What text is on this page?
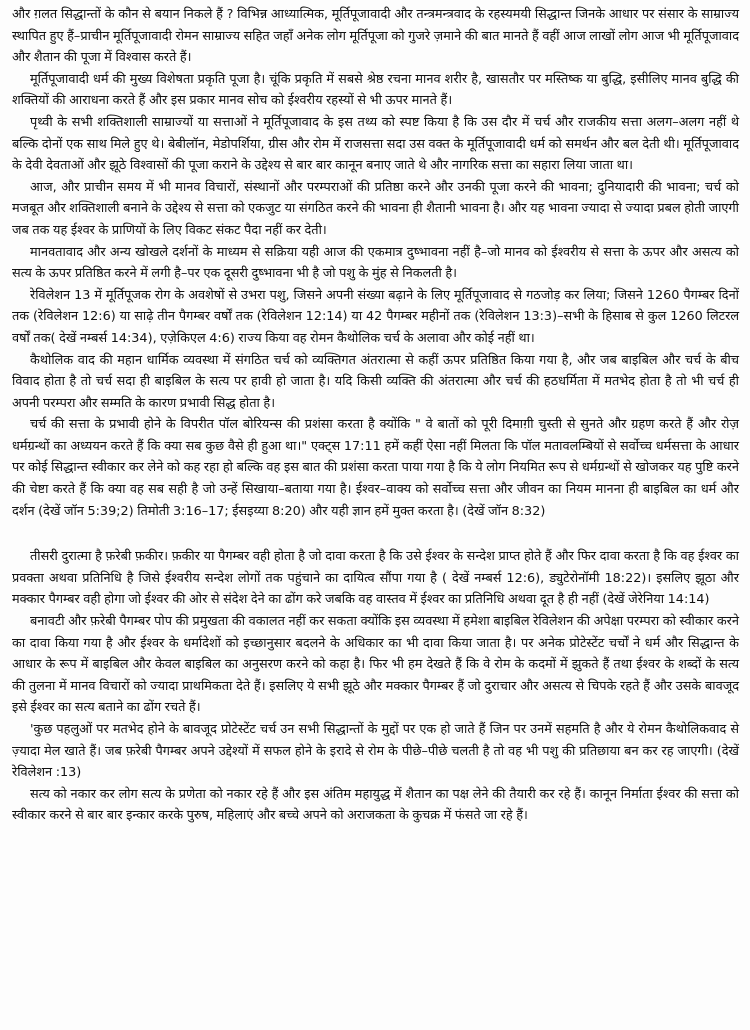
और ग़लत सिद्धान्तों के कौन से बयान निकले हैं ? विभिन्न आध्यात्मिक, मूर्तिपूजावादी और तन्त्रमन्त्रवाद के रहस्यमयी सिद्धान्त जिनके आधार पर संसार के साम्राज्य स्थापित हुए हैं–प्राचीन मूर्तिपूजावादी रोमन साम्राज्य सहित जहाँ अनेक लोग मूर्तिपूजा को गुजरे ज़माने की बात मानते हैं वहीं आज लाखों लोग आज भी मूर्तिपूजावाद और शैतान की पूजा में विश्वास करते हैं।

मूर्तिपूजावादी धर्म की मुख्य विशेषता प्रकृति पूजा है। चूंकि प्रकृति में सबसे श्रेष्ठ रचना मानव शरीर है, खासतौर पर मस्तिष्क या बुद्धि, इसीलिए मानव बुद्धि की शक्तियों की आराधना करते हैं और इस प्रकार मानव सोच को ईश्वरीय रहस्यों से भी ऊपर मानते हैं।

पृथ्वी के सभी शक्तिशाली साम्राज्यों या सत्ताओं ने मूर्तिपूजावाद के इस तथ्य को स्पष्ट किया है कि उस दौर में चर्च और राजकीय सत्ता अलग–अलग नहीं थे बल्कि दोनों एक साथ मिले हुए थे। बेबीलॉन, मेडोपर्शिया, ग्रीस और रोम में राजसत्ता सदा उस वक्त के मूर्तिपूजावादी धर्म को समर्थन और बल देती थी। मूर्तिपूजावाद के देवी देवताओं और झूठे विश्वासों की पूजा कराने के उद्देश्य से बार बार कानून बनाए जाते थे और नागरिक सत्ता का सहारा लिया जाता था।

आज, और प्राचीन समय में भी मानव विचारों, संस्थानों और परम्पराओं की प्रतिष्ठा करने और उनकी पूजा करने की भावना; दुनियादारी की भावना; चर्च को मजबूत और शक्तिशाली बनाने के उद्देश्य से सत्ता को एकजुट या संगठित करने की भावना ही शैतानी भावना है। और यह भावना ज्यादा से ज्यादा प्रबल होती जाएगी जब तक यह ईश्वर के प्राणियों के लिए विकट संकट पैदा नहीं कर देती।

मानवतावाद और अन्य खोखले दर्शनों के माध्यम से सक्रिया यही आज की एकमात्र दुष्भावना नहीं है–जो मानव को ईश्वरीय से सत्ता के ऊपर और असत्य को सत्य के ऊपर प्रतिष्ठित करने में लगी है–पर एक दूसरी दुष्भावना भी है जो पशु के मुंह से निकलती है।

रेविलेशन 13 में मूर्तिपूजक रोग के अवशेषों से उभरा पशु, जिसने अपनी संख्या बढ़ाने के लिए मूर्तिपूजावाद से गठजोड़ कर लिया; जिसने 1260 पैगम्बर दिनों तक (रेविलेशन 12:6) या साढ़े तीन पैगम्बर वर्षों तक (रेविलेशन 12:14) या 42 पैगम्बर महीनों तक (रेविलेशन 13:3)–सभी के हिसाब से कुल 1260 लिटरल वर्षों तक( देखें नम्बर्स 14:34), एज़ेकिएल 4:6) राज्य किया वह रोमन कैथोलिक चर्च के अलावा और कोई नहीं था।

कैथोलिक वाद की महान धार्मिक व्यवस्था में संगठित चर्च को व्यक्तिगत अंतरात्मा से कहीं ऊपर प्रतिष्ठित किया गया है, और जब बाइबिल और चर्च के बीच विवाद होता है तो चर्च सदा ही बाइबिल के सत्य पर हावी हो जाता है। यदि किसी व्यक्ति की अंतरात्मा और चर्च की हठधर्मिता में मतभेद होता है तो भी चर्च ही अपनी परम्परा और सम्मति के कारण प्रभावी सिद्ध होता है।

चर्च की सत्ता के प्रभावी होने के विपरीत पॉल बोरियन्स की प्रशंसा करता है क्योंकि " वे बातों को पूरी दिमाग़ी चुस्ती से सुनते और ग्रहण करते हैं और रोज़ धर्मग्रन्थों का अध्ययन करते हैं कि क्या सब कुछ वैसे ही हुआ था।" एक्ट्स 17:11 हमें कहीं ऐसा नहीं मिलता कि पॉल मतावलम्बियों से सर्वोच्च धर्मसत्ता के आधार पर कोई सिद्धान्त स्वीकार कर लेने को कह रहा हो बल्कि वह इस बात की प्रशंसा करता पाया गया है कि ये लोग नियमित रूप से धर्मग्रन्थों से खोजकर यह पुष्टि करने की चेष्टा करते हैं कि क्या वह सब सही है जो उन्हें सिखाया–बताया गया है। ईश्वर–वाक्य को सर्वोच्च सत्ता और जीवन का नियम मानना ही बाइबिल का धर्म और दर्शन (देखें जॉन 5:39;2) तिमोती 3:16–17; ईसइय्या 8:20) और यही ज्ञान हमें मुक्त करता है। (देखें जॉन 8:32)

तीसरी दुरात्मा है फ़रेबी फ़कीर। फ़कीर या पैगम्बर वही होता है जो दावा करता है कि उसे ईश्वर के सन्देश प्राप्त होते हैं और फिर दावा करता है कि वह ईश्वर का प्रवक्ता अथवा प्रतिनिधि है जिसे ईश्वरीय सन्देश लोगों तक पहुंचाने का दायित्व सौंपा गया है ( देखें नम्बर्स 12:6), ड्युटेरोनॉमी 18:22)। इसलिए झूठा और मक्कार पैगम्बर वही होगा जो ईश्वर की ओर से संदेश देने का ढोंग करे जबकि वह वास्तव में ईश्वर का प्रतिनिधि अथवा दूत है ही नहीं (देखें जेरेनिया 14:14)

बनावटी और फ़रेबी पैगम्बर पोप की प्रमुखता की वकालत नहीं कर सकता क्योंकि इस व्यवस्था में हमेशा बाइबिल रेविलेशन की अपेक्षा परम्परा को स्वीकार करने का दावा किया गया है और ईश्वर के धर्मादेशों को इच्छानुसार बदलने के अधिकार का भी दावा किया जाता है। पर अनेक प्रोटेस्टेंट चर्चों ने धर्म और सिद्धान्त के आधार के रूप में बाइबिल और केवल बाइबिल का अनुसरण करने को कहा है। फिर भी हम देखते हैं कि वे रोम के कदमों में झुकते हैं तथा ईश्वर के शब्दों के सत्य की तुलना में मानव विचारों को ज्यादा प्राथमिकता देते हैं। इसलिए ये सभी झूठे और मक्कार पैगम्बर हैं जो दुराचार और असत्य से चिपके रहते हैं और उसके बावजूद इसे ईश्वर का सत्य बताने का ढोंग रचते हैं।

'कुछ पहलुओं पर मतभेद होने के बावजूद प्रोटेस्टेंट चर्च उन सभी सिद्धान्तों के मुद्दों पर एक हो जाते हैं जिन पर उनमें सहमति है और ये रोमन कैथोलिकवाद से ज़्यादा मेल खाते हैं। जब फ़रेबी पैगम्बर अपने उद्देश्यों में सफल होने के इरादे से रोम के पीछे–पीछे चलती है तो वह भी पशु की प्रतिछाया बन कर रह जाएगी। (देखें रेविलेशन :13)

सत्य को नकार कर लोग सत्य के प्रणेता को नकार रहे हैं और इस अंतिम महायुद्ध में शैतान का पक्ष लेने की तैयारी कर रहे हैं। कानून निर्माता ईश्वर की सत्ता को स्वीकार करने से बार बार इन्कार करके पुरुष, महिलाएं और बच्चे अपने को अराजकता के कुचक्र में फंसते जा रहे हैं।
